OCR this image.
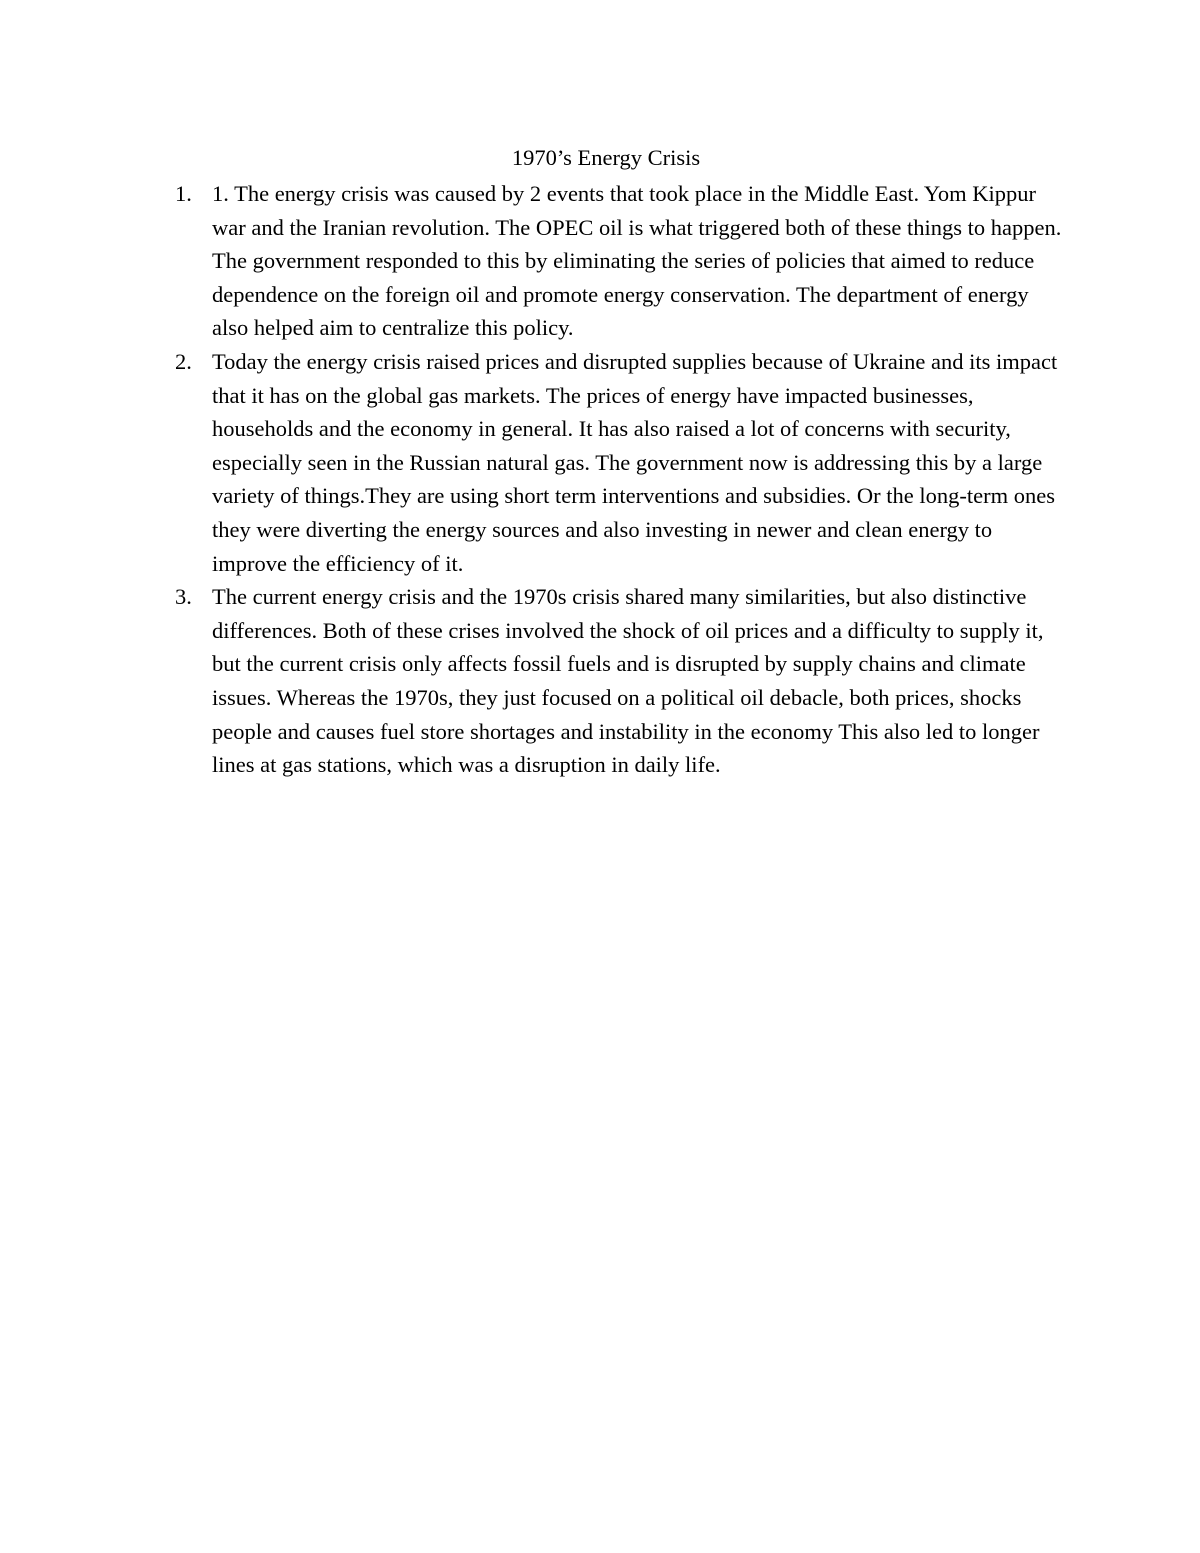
1970’s Energy Crisis
1. 1. The energy crisis was caused by 2 events that took place in the Middle East. Yom Kippur war and the Iranian revolution. The OPEC oil is what triggered both of these things to happen. The government responded to this by eliminating the series of policies that aimed to reduce dependence on the foreign oil and promote energy conservation. The department of energy also helped aim to centralize this policy.
2. Today the energy crisis raised prices and disrupted supplies because of Ukraine and its impact that it has on the global gas markets. The prices of energy have impacted businesses, households and the economy in general. It has also raised a lot of concerns with security, especially seen in the Russian natural gas. The government now is addressing this by a large variety of things.They are using short term interventions and subsidies. Or the long-term ones they were diverting the energy sources and also investing in newer and clean energy to improve the efficiency of it.
3. The current energy crisis and the 1970s crisis shared many similarities, but also distinctive differences. Both of these crises involved the shock of oil prices and a difficulty to supply it, but the current crisis only affects fossil fuels and is disrupted by supply chains and climate issues. Whereas the 1970s, they just focused on a political oil debacle, both prices, shocks people and causes fuel store shortages and instability in the economy This also led to longer lines at gas stations, which was a disruption in daily life.
